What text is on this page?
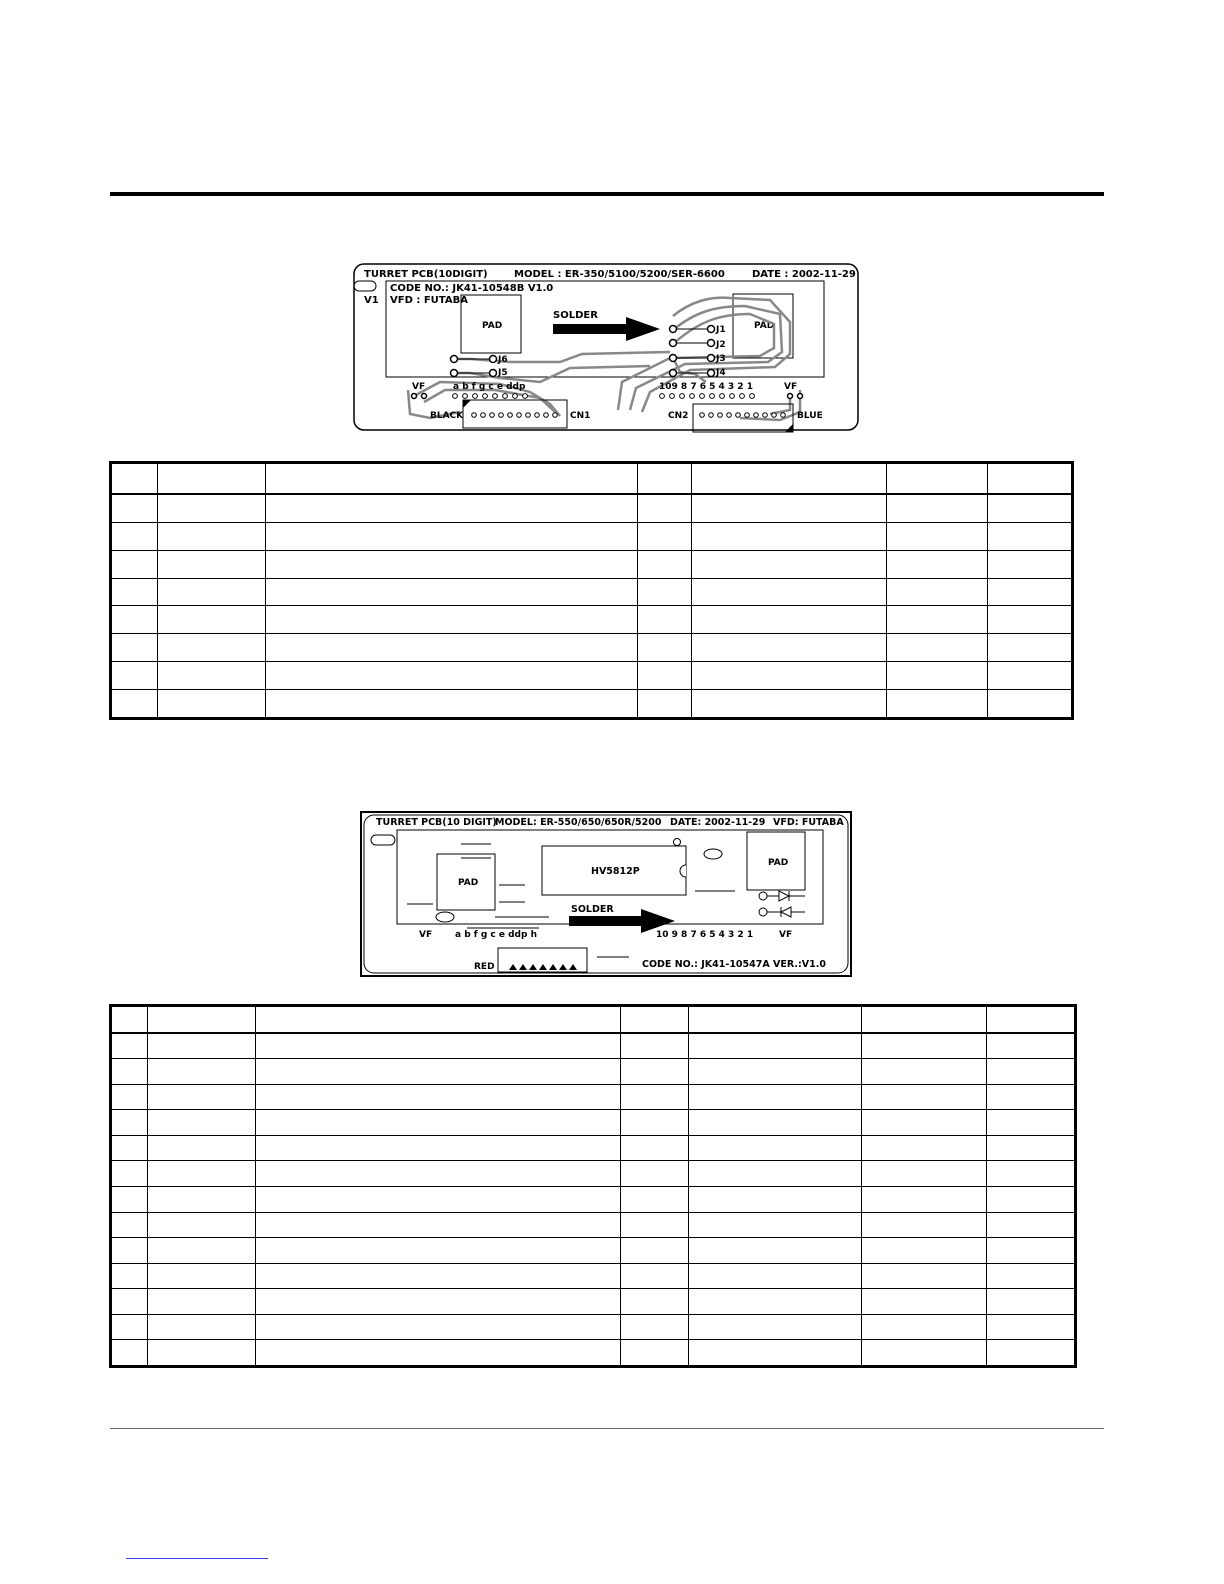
TURRET PCB(10DIGIT)	MODEL : ER-350/5100/5200/SER-6600	DATE : 2002-11-29
CODE NO.: JK41-10548B V1.0
V1 VFD : FUTABA
PAD	PAD
SOLDER
J1
J2
J3
J4
J5
J6
VF	a b f g c e ddp	109 8 7 6 5 4 3 2 1	VF
BLACK	CN1	CN2	BLUE

TURRET PCB(10 DIGIT)
MODEL: ER-550/650/650R/5200 DATE: 2002-11-29 VFD: FUTABA
HV5812P
PAD
PAD
SOLDER
VF	a b f g c e ddp h	10 9 8 7 6 5 4 3 2 1	VF
RED	CODE NO.: JK41-10547A VER.:V1.0
